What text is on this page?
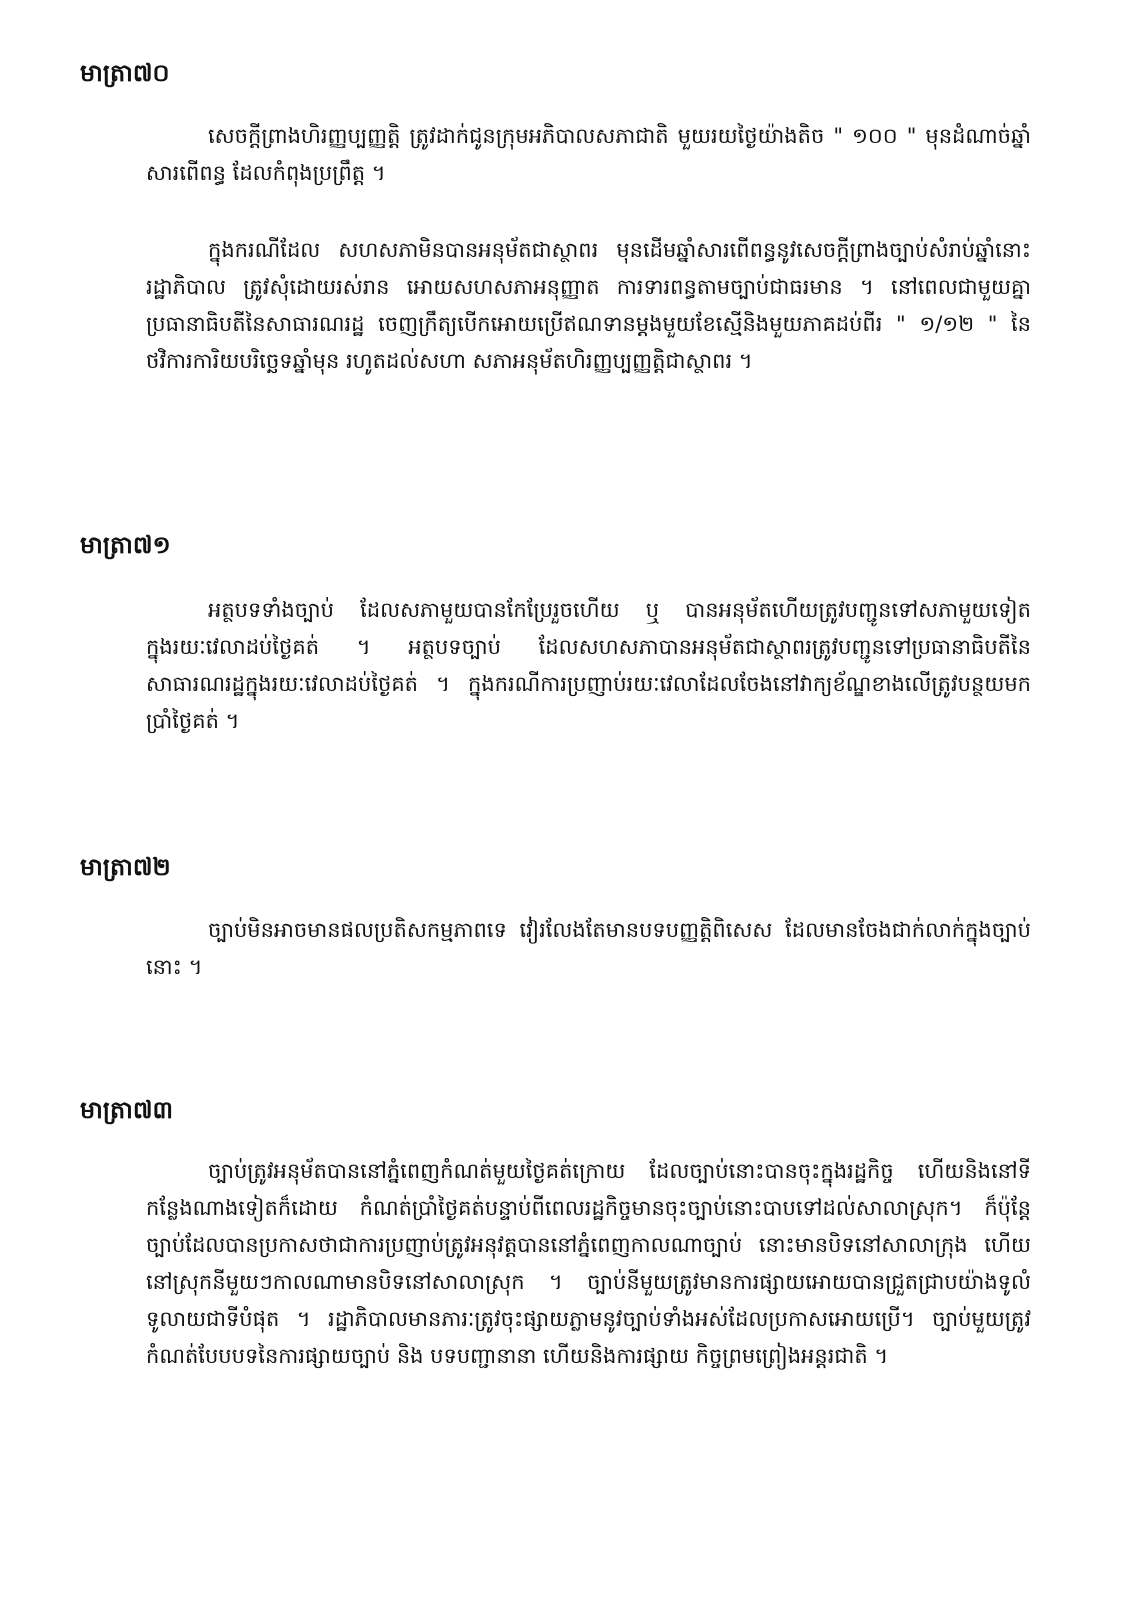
មាត្រា៧០

សេចក្ដីព្រាងហិរញ្ញប្បញ្ញត្តិ ត្រូវដាក់ជូនក្រុមអភិបាលសភាជាតិ មួយរយថ្ងៃយ៉ាងតិច " ១០០ " មុនដំណាច់ឆ្នាំសារពើពន្ធ ដែលកំពុងប្រព្រឹត្ត ។

ក្នុងករណីដែល សហសភាមិនបានអនុម័តជាស្ថាពរ មុនដើមឆ្នាំសារពើពន្ធនូវសេចក្ដីព្រាងច្បាប់សំរាប់ឆ្នាំនោះរដ្ឋាភិបាល ត្រូវសុំដោយរស់រាន អោយសហសភាអនុញ្ញាត ការទារពន្ធតាមច្បាប់ជាធរមាន ។ នៅពេលជាមួយគ្នា ប្រធានាធិបតីនៃសាធារណរដ្ឋ ចេញក្រឹត្យបើកអោយប្រើឥណទានម្ដងមួយខែស្មើនិងមួយភាគដប់ពីរ " ១/១២ " នៃថវិការការិយបរិច្ឆេទឆ្នាំមុន រហូតដល់សហា សភាអនុម័តហិរញ្ញប្បញ្ញត្តិជាស្ថាពរ ។

មាត្រា៧១

អត្ថបទទាំងច្បាប់ ដែលសភាមួយបានកែប្រែរួចហើយ ឬ បានអនុម័តហើយត្រូវបញ្ជូនទៅសភាមួយទៀតក្នុងរយៈវេលាដប់ថ្ងៃគត់ ។ អត្ថបទច្បាប់ ដែលសហសភាបានអនុម័តជាស្ថាពរត្រូវបញ្ជូនទៅប្រធានាធិបតីនៃសាធារណរដ្ឋក្នុងរយៈវេលាដប់ថ្ងៃគត់ ។ ក្នុងករណីការប្រញាប់រយៈវេលាដែលចែងនៅវាក្យខ័ណ្ឌខាងលើត្រូវបន្ថយមកប្រាំថ្ងៃគត់ ។

មាត្រា៧២

ច្បាប់មិនអាចមានផលប្រតិសកម្មភាពទេ វៀរលែងតែមានបទបញ្ញត្តិពិសេស ដែលមានចែងជាក់លាក់ក្នុងច្បាប់នោះ ។

មាត្រា៧៣

ច្បាប់ត្រូវអនុម័តបាននៅភ្នំពេញកំណត់មួយថ្ងៃគត់ក្រោយ ដែលច្បាប់នោះបានចុះក្នុងរដ្ឋកិច្ច ហើយនិងនៅទីកន្លែងណាងទៀតក៏ដោយ កំណត់ប្រាំថ្ងៃគត់បន្ទាប់ពីពេលរដ្ឋកិច្ចមានចុះច្បាប់នោះបាបទៅដល់សាលាស្រុក។ ក៏ប៉ុន្តែ ច្បាប់ដែលបានប្រកាសថាជាការប្រញាប់ត្រូវអនុវត្តបាននៅភ្នំពេញកាលណាច្បាប់ នោះមានបិទនៅសាលាក្រុង ហើយនៅស្រុកនីមួយៗកាលណាមានបិទនៅសាលាស្រុក ។ ច្បាប់នីមួយត្រូវមានការផ្សាយអោយបានជ្រួតជ្រាបយ៉ាងទូលំទូលាយជាទីបំផុត ។ រដ្ឋាភិបាលមានភារៈត្រូវចុះផ្សាយភ្លាមនូវច្បាប់ទាំងអស់ដែលប្រកាសអោយប្រើ។ ច្បាប់មួយត្រូវកំណត់បែបបទនៃការផ្សាយច្បាប់ និង បទបញ្ជានានា ហើយនិងការផ្សាយ កិច្ចព្រមព្រៀងអន្តរជាតិ ។
